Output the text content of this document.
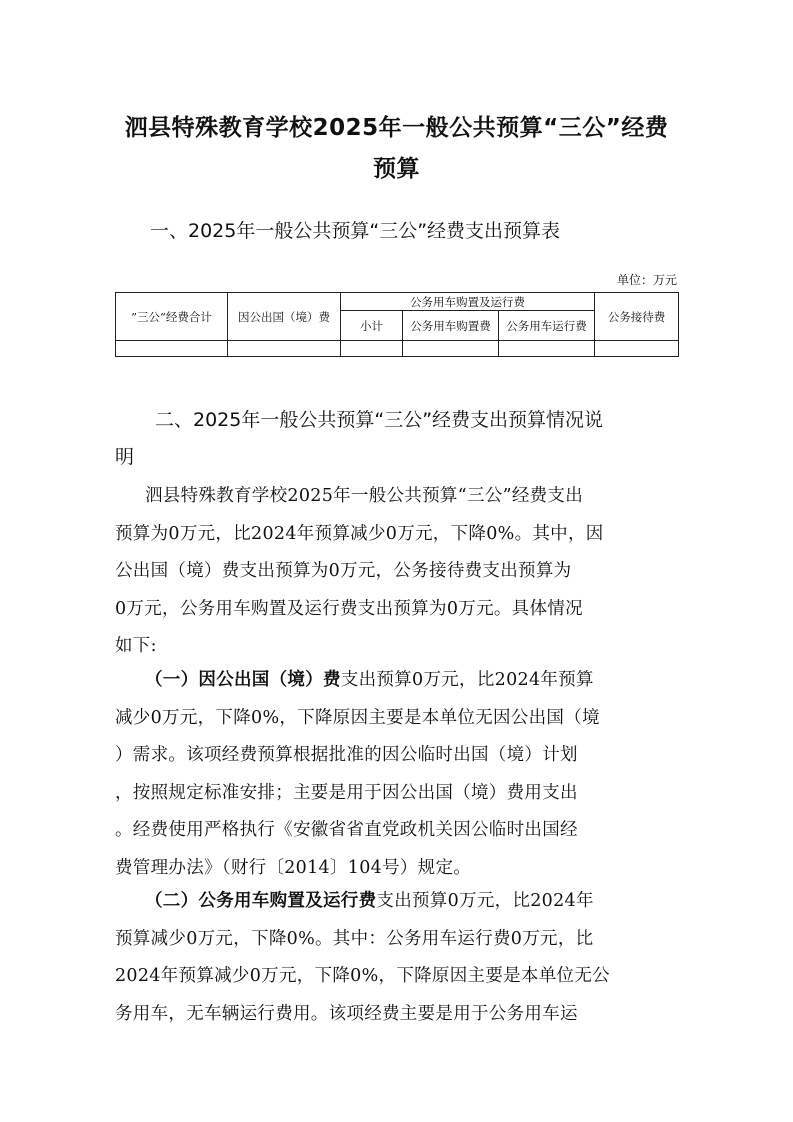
泗县特殊教育学校2025年一般公共预算“三公”经费
预算
一、2025年一般公共预算“三公”经费支出预算表
单位：万元
”三公“经费合计	因公出国（境）费	公务用车购置及运行费			公务接待费
		小计	公务用车购置费	公务用车运行费	

二、2025年一般公共预算“三公”经费支出预算情况说
明
泗县特殊教育学校2025年一般公共预算“三公”经费支出
预算为0万元，比2024年预算减少0万元，下降0%。其中，因
公出国（境）费支出预算为0万元，公务接待费支出预算为
0万元，公务用车购置及运行费支出预算为0万元。具体情况
如下:
（一）因公出国（境）费支出预算0万元，比2024年预算
减少0万元，下降0%，下降原因主要是本单位无因公出国（境
）需求。该项经费预算根据批准的因公临时出国（境）计划
，按照规定标准安排；主要是用于因公出国（境）费用支出
。经费使用严格执行《安徽省省直党政机关因公临时出国经
费管理办法》（财行〔2014〕104号）规定。
（二）公务用车购置及运行费支出预算0万元，比2024年
预算减少0万元，下降0%。其中：公务用车运行费0万元，比
2024年预算减少0万元，下降0%，下降原因主要是本单位无公
务用车，无车辆运行费用。该项经费主要是用于公务用车运
